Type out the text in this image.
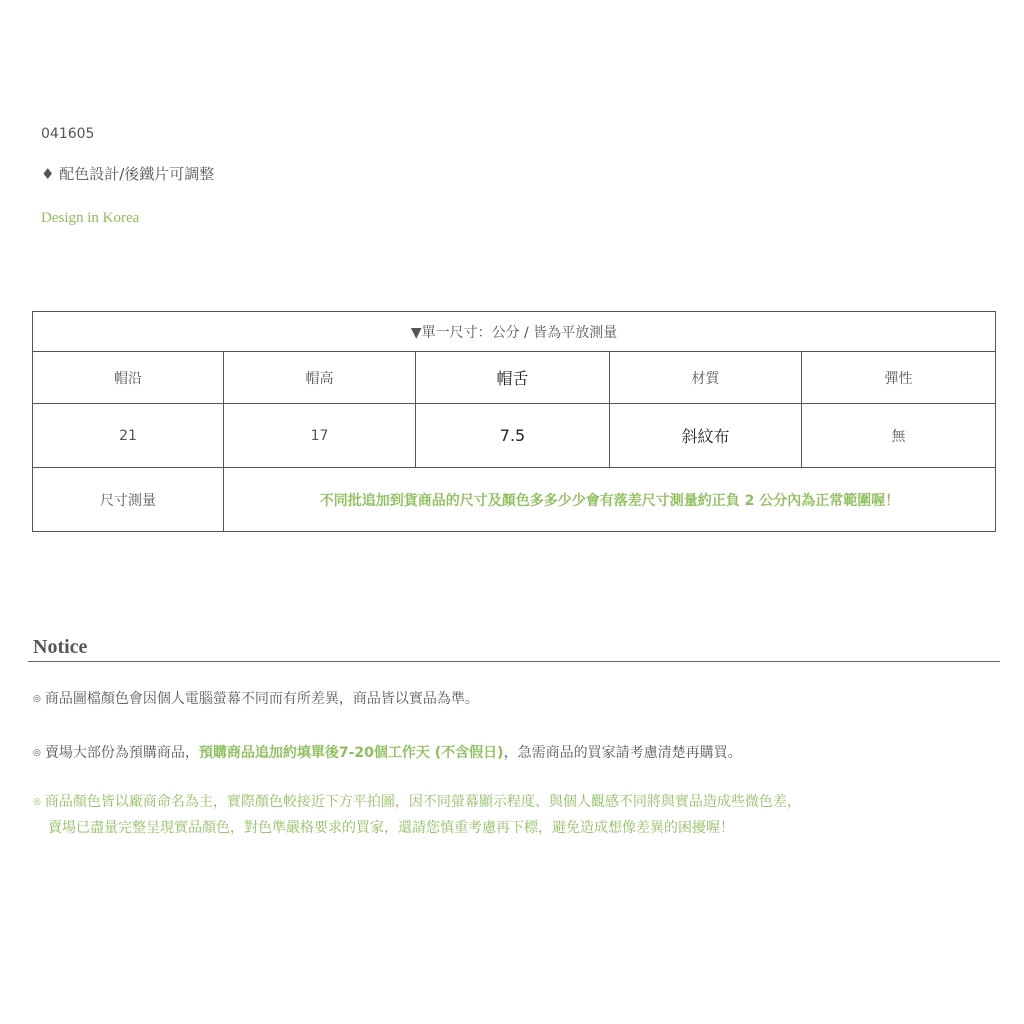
041605
♦ 配色設計/後鐵片可調整
Design in Korea
▼單一尺寸：公分 / 皆為平放測量				
帽沿	帽高	帽舌	材質	彈性
21	17	7.5	斜紋布	無
尺寸測量	不同批追加到貨商品的尺寸及顏色多多少少會有落差尺寸測量約正負 2 公分內為正常範圍喔！			
Notice
◎ 商品圖檔顏色會因個人電腦螢幕不同而有所差異，商品皆以實品為準。
◎ 賣場大部份為預購商品，預購商品追加約填單後7-20個工作天 (不含假日)，急需商品的買家請考慮清楚再購買。
◎ 商品顏色皆以廠商命名為主，實際顏色較接近下方平拍圖，因不同螢幕顯示程度、與個人觀感不同將與實品造成些微色差，
賣場已盡量完整呈現實品顏色，對色準嚴格要求的買家，還請您慎重考慮再下標，避免造成想像差異的困擾喔！
